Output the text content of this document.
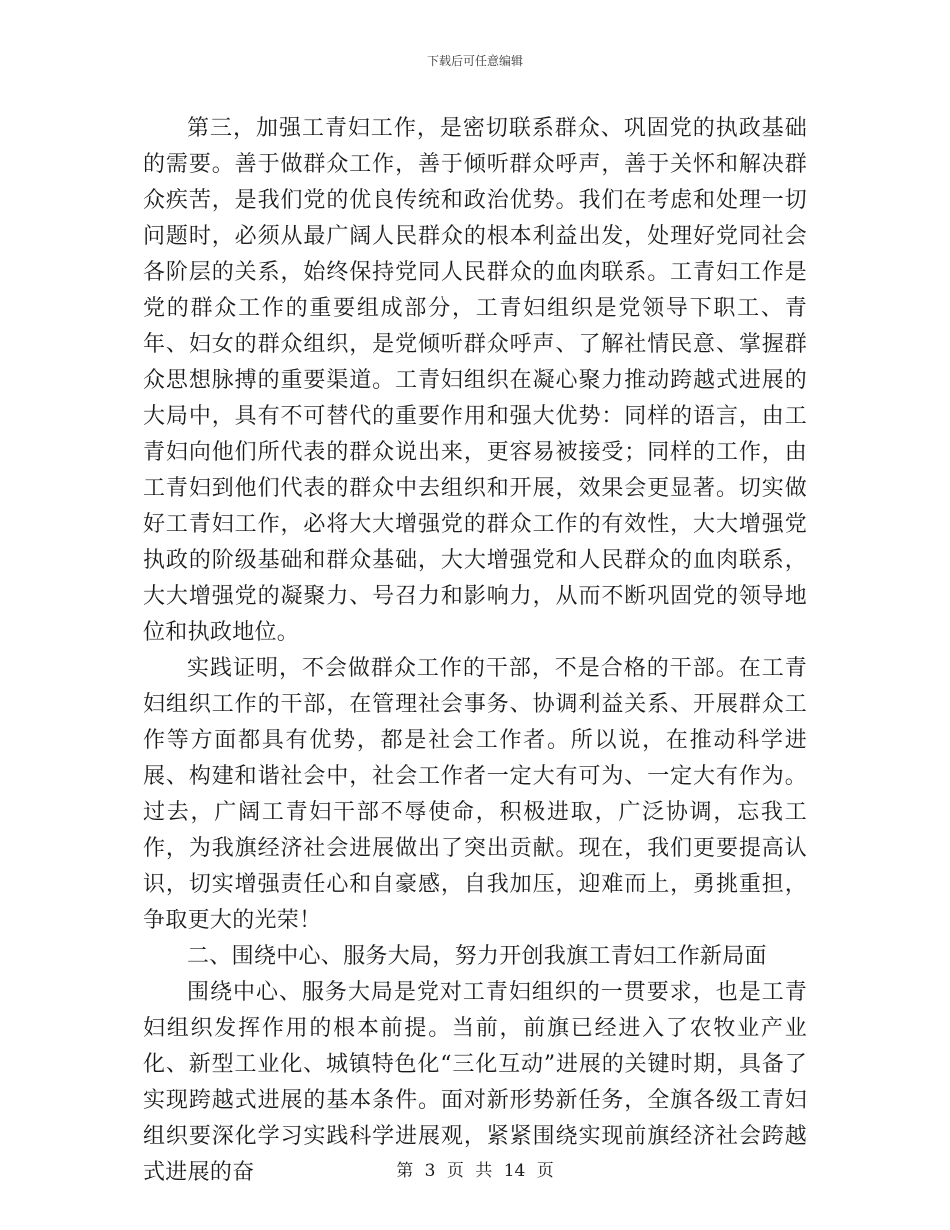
下载后可任意编辑

第三，加强工青妇工作，是密切联系群众、巩固党的执政基础的需要。善于做群众工作，善于倾听群众呼声，善于关怀和解决群众疾苦，是我们党的优良传统和政治优势。我们在考虑和处理一切问题时，必须从最广阔人民群众的根本利益出发，处理好党同社会各阶层的关系，始终保持党同人民群众的血肉联系。工青妇工作是党的群众工作的重要组成部分，工青妇组织是党领导下职工、青年、妇女的群众组织，是党倾听群众呼声、了解社情民意、掌握群众思想脉搏的重要渠道。工青妇组织在凝心聚力推动跨越式进展的大局中，具有不可替代的重要作用和强大优势：同样的语言，由工青妇向他们所代表的群众说出来，更容易被接受；同样的工作，由工青妇到他们代表的群众中去组织和开展，效果会更显著。切实做好工青妇工作，必将大大增强党的群众工作的有效性，大大增强党执政的阶级基础和群众基础，大大增强党和人民群众的血肉联系，大大增强党的凝聚力、号召力和影响力，从而不断巩固党的领导地位和执政地位。

实践证明，不会做群众工作的干部，不是合格的干部。在工青妇组织工作的干部，在管理社会事务、协调利益关系、开展群众工作等方面都具有优势，都是社会工作者。所以说，在推动科学进展、构建和谐社会中，社会工作者一定大有可为、一定大有作为。过去，广阔工青妇干部不辱使命，积极进取，广泛协调，忘我工作，为我旗经济社会进展做出了突出贡献。现在，我们更要提高认识，切实增强责任心和自豪感，自我加压，迎难而上，勇挑重担，争取更大的光荣！

二、围绕中心、服务大局，努力开创我旗工青妇工作新局面

围绕中心、服务大局是党对工青妇组织的一贯要求，也是工青妇组织发挥作用的根本前提。当前，前旗已经进入了农牧业产业化、新型工业化、城镇特色化“三化互动”进展的关键时期，具备了实现跨越式进展的基本条件。面对新形势新任务，全旗各级工青妇组织要深化学习实践科学进展观，紧紧围绕实现前旗经济社会跨越式进展的奋	第 3 页 共 14 页
